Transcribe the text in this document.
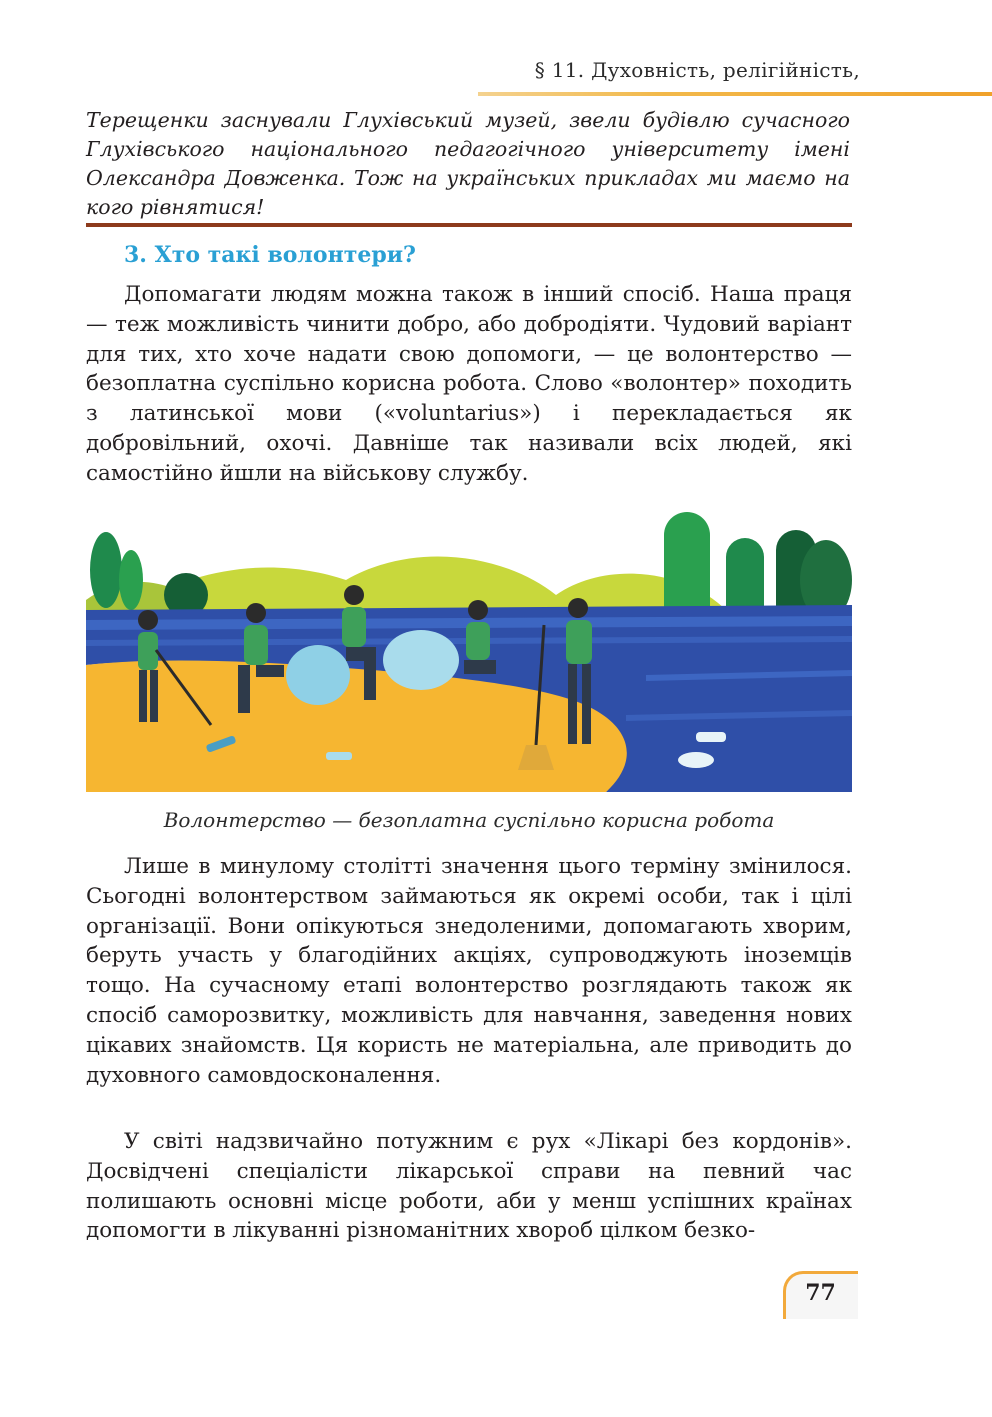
§ 11. Духовність, релігійність,

Терещенки заснували Глухівський музей, звели будівлю сучасного Глухівського національного педагогічного університету імені Олександра Довженка. Тож на українських прикладах ми маємо на кого рівнятися!

3. Хто такі волонтери?

Допомагати людям можна також в інший спосіб. Наша праця — теж можливість чинити добро, або добродіяти. Чудовий варіант для тих, хто хоче надати свою допомоги, — це волонтерство — безоплатна суспільно корисна робота. Слово «волонтер» походить з латинської мови («voluntarius») і перекладається як добровільний, охочі. Давніше так називали всіх людей, які самостійно йшли на військову службу.

Волонтерство — безоплатна суспільно корисна робота

Лише в минулому столітті значення цього терміну змінилося. Сьогодні волонтерством займаються як окремі особи, так і цілі організації. Вони опікуються знедоленими, допомагають хворим, беруть участь у благодійних акціях, супроводжують іноземців тощо. На сучасному етапі волонтерство розглядають також як спосіб саморозвитку, можливість для навчання, заведення нових цікавих знайомств. Ця користь не матеріальна, але приводить до духовного самовдосконалення.

У світі надзвичайно потужним є рух «Лікарі без кордонів». Досвідчені спеціалісти лікарської справи на певний час полишають основні місце роботи, аби у менш успішних країнах допомогти в лікуванні різноманітних хвороб цілком безко-

77
